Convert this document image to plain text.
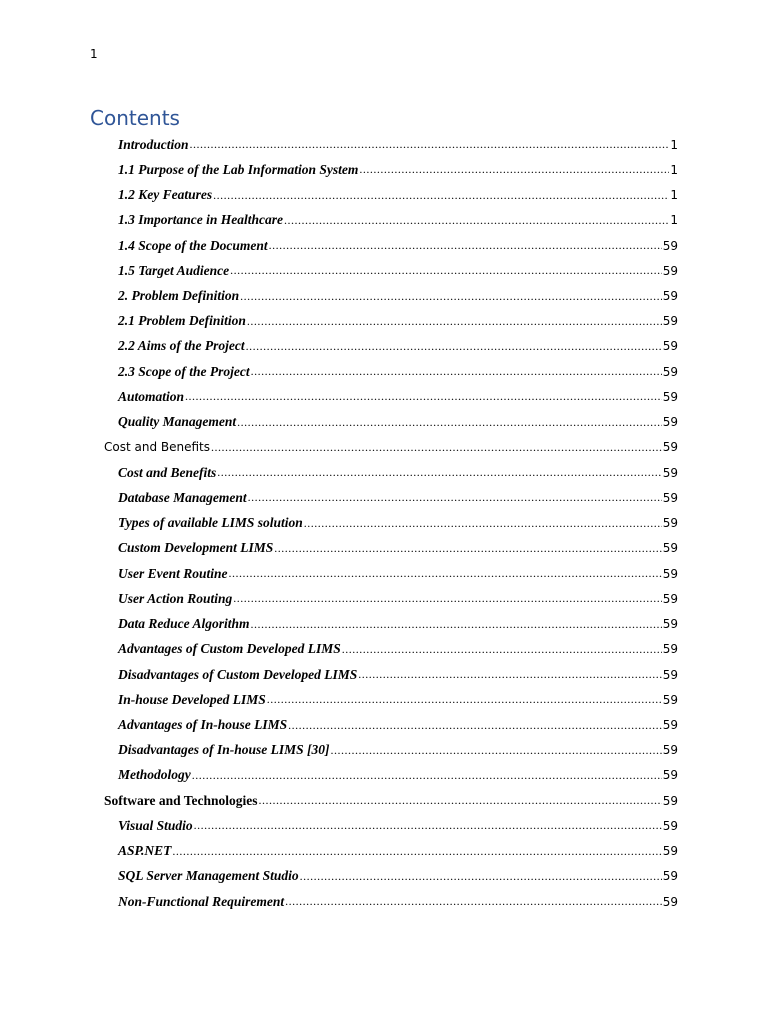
1
Contents
Introduction .....	1
1.1 Purpose of the Lab Information System .....	1
1.2 Key Features .....	1
1.3 Importance in Healthcare .....	1
1.4 Scope of the Document .....	59
1.5 Target Audience .....	59
2. Problem Definition .....	59
2.1 Problem Definition .....	59
2.2 Aims of the Project .....	59
2.3 Scope of the Project .....	59
Automation .....	59
Quality Management .....	59
Cost and Benefits .....	59
Cost and Benefits .....	59
Database Management .....	59
Types of available LIMS solution .....	59
Custom Development LIMS .....	59
User Event Routine .....	59
User Action Routing .....	59
Data Reduce Algorithm .....	59
Advantages of Custom Developed LIMS .....	59
Disadvantages of Custom Developed LIMS .....	59
In-house Developed LIMS .....	59
Advantages of In-house LIMS .....	59
Disadvantages of In-house LIMS [30] .....	59
Methodology .....	59
Software and Technologies .....	59
Visual Studio .....	59
ASP.NET .....	59
SQL Server Management Studio .....	59
Non-Functional Requirement .....	59
